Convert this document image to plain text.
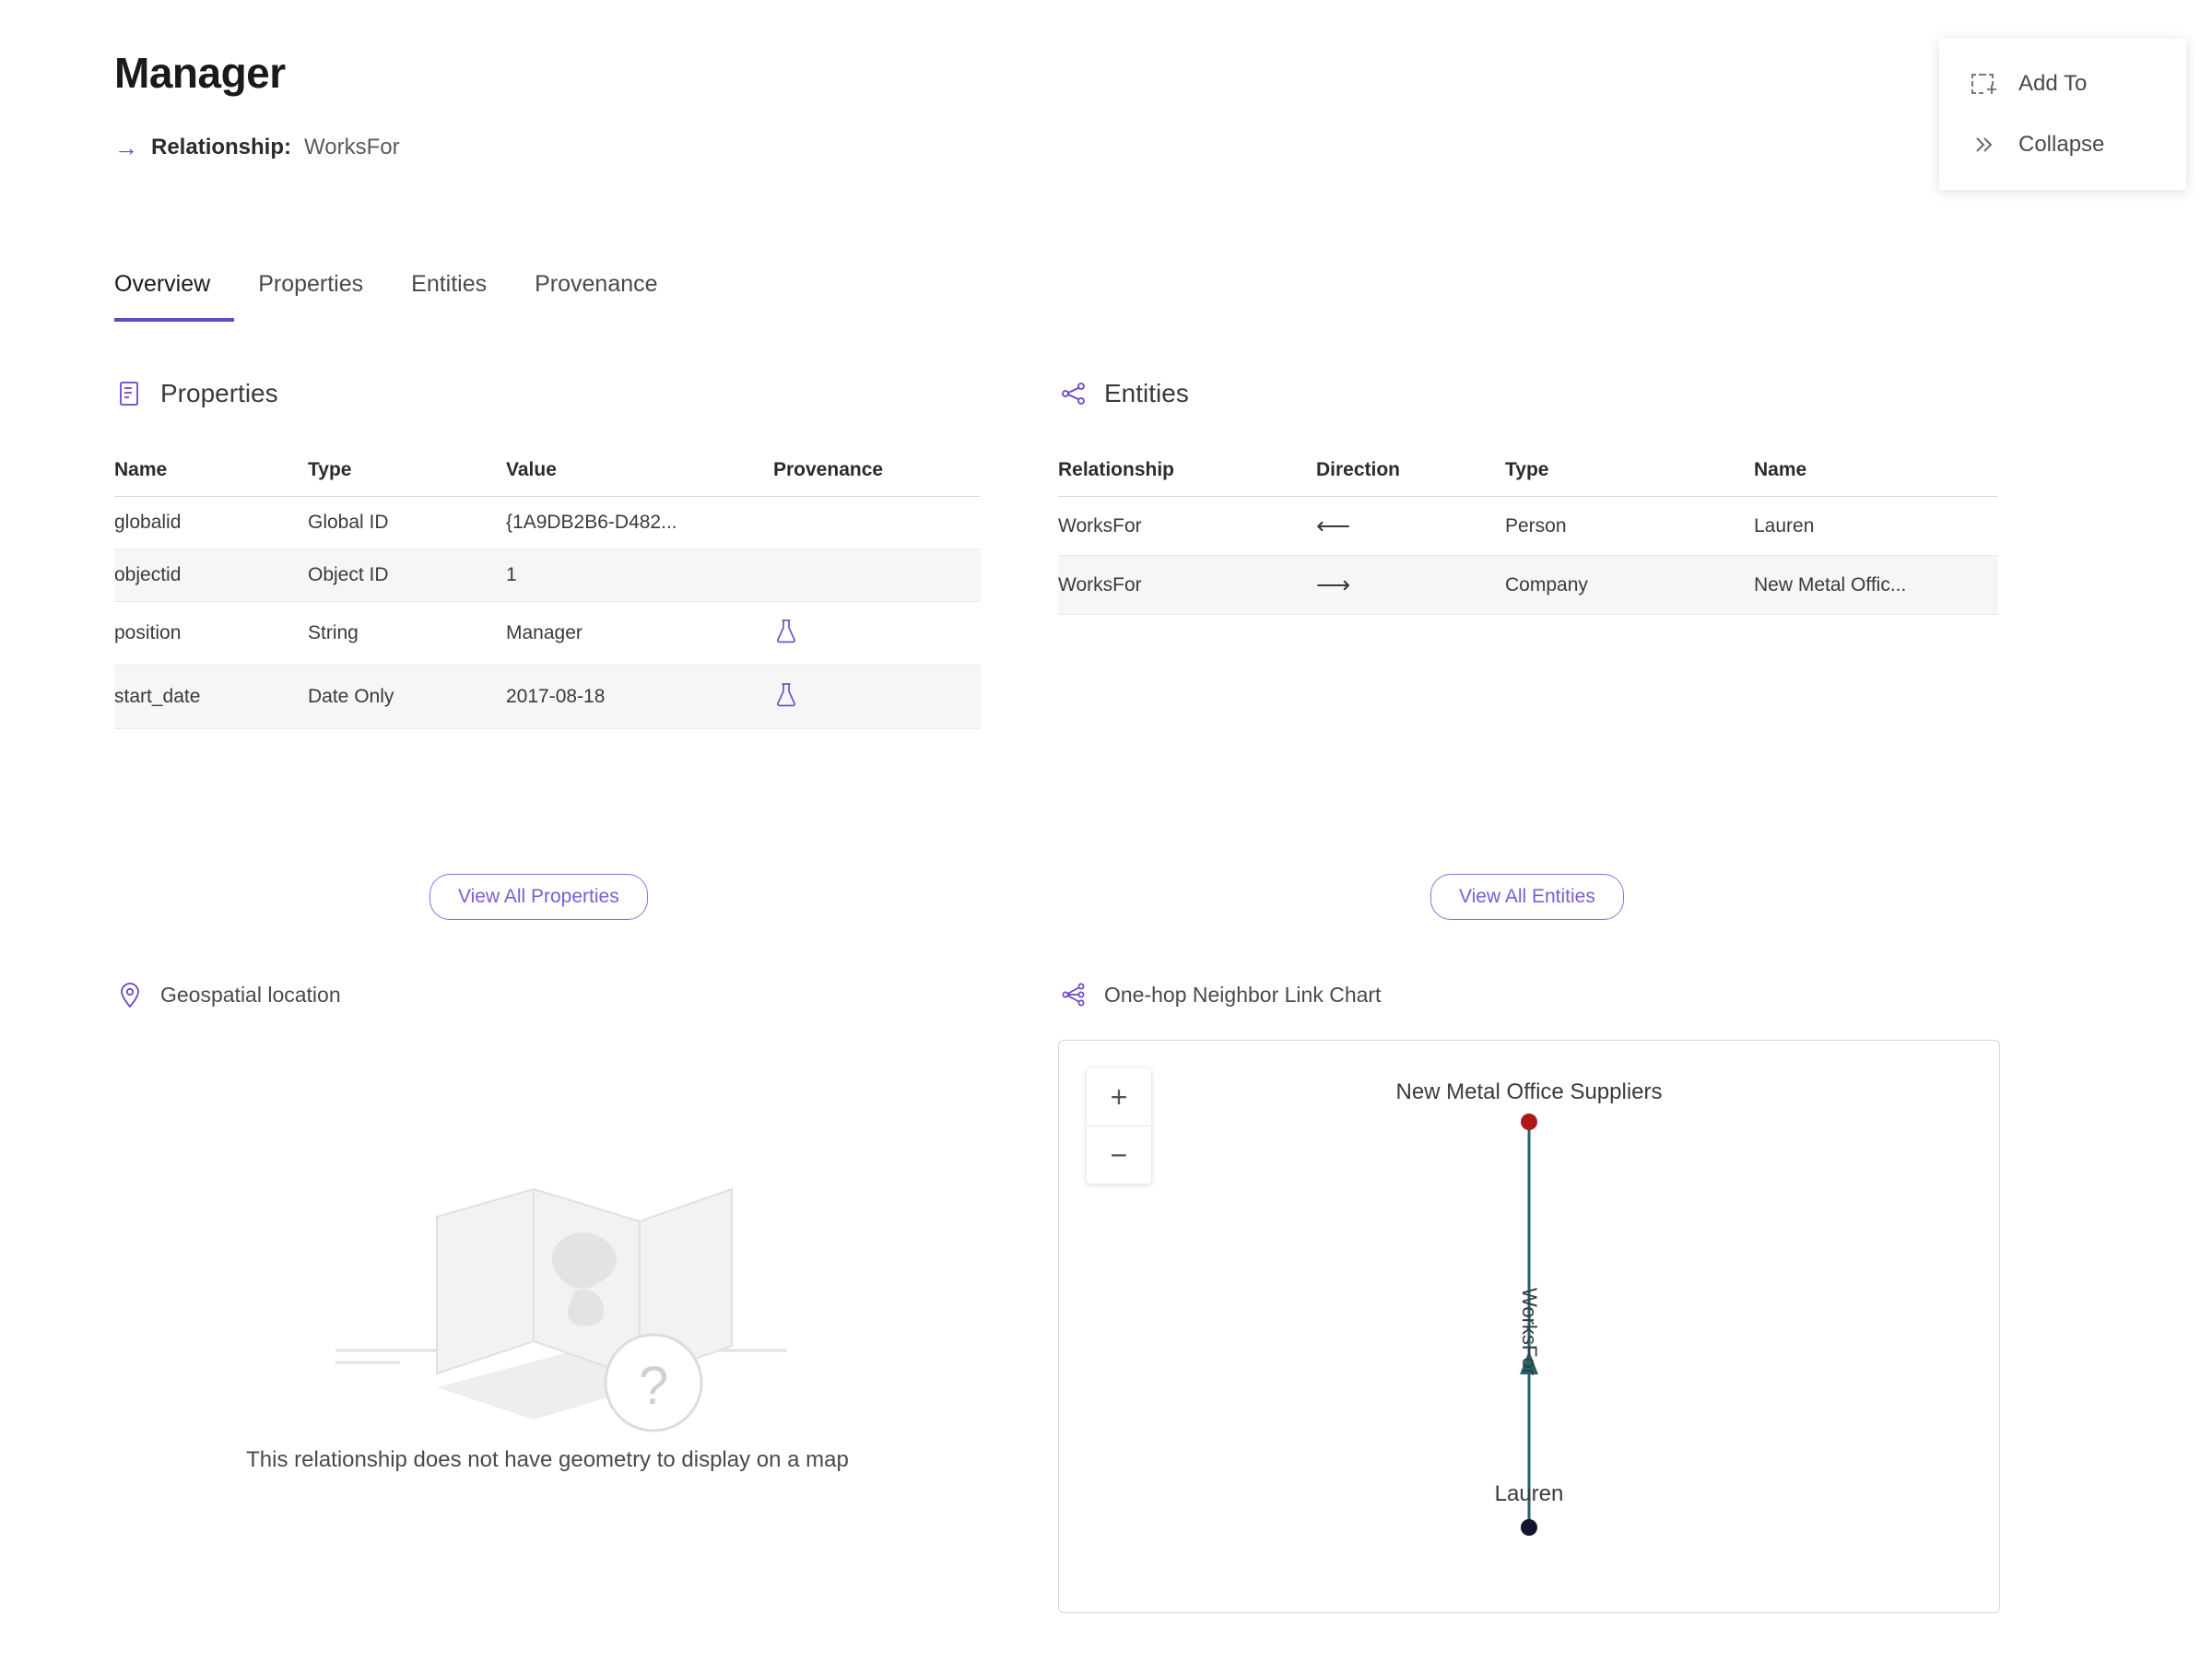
Manager
→ Relationship: WorksFor
Add To
Collapse
Overview	Properties	Entities	Provenance
Properties
Name	Type	Value	Provenance
globalid	Global ID	{1A9DB2B6-D482...	
objectid	Object ID	1	
position	String	Manager	
start_date	Date Only	2017-08-18	
Entities
Relationship	Direction	Type	Name
WorksFor	⟵	Person	Lauren
WorksFor	⟶	Company	New Metal Offic...
View All Properties	View All Entities
Geospatial location
?
This relationship does not have geometry to display on a map
One-hop Neighbor Link Chart
+
−
New Metal Office Suppliers
WorksFor
Lauren
